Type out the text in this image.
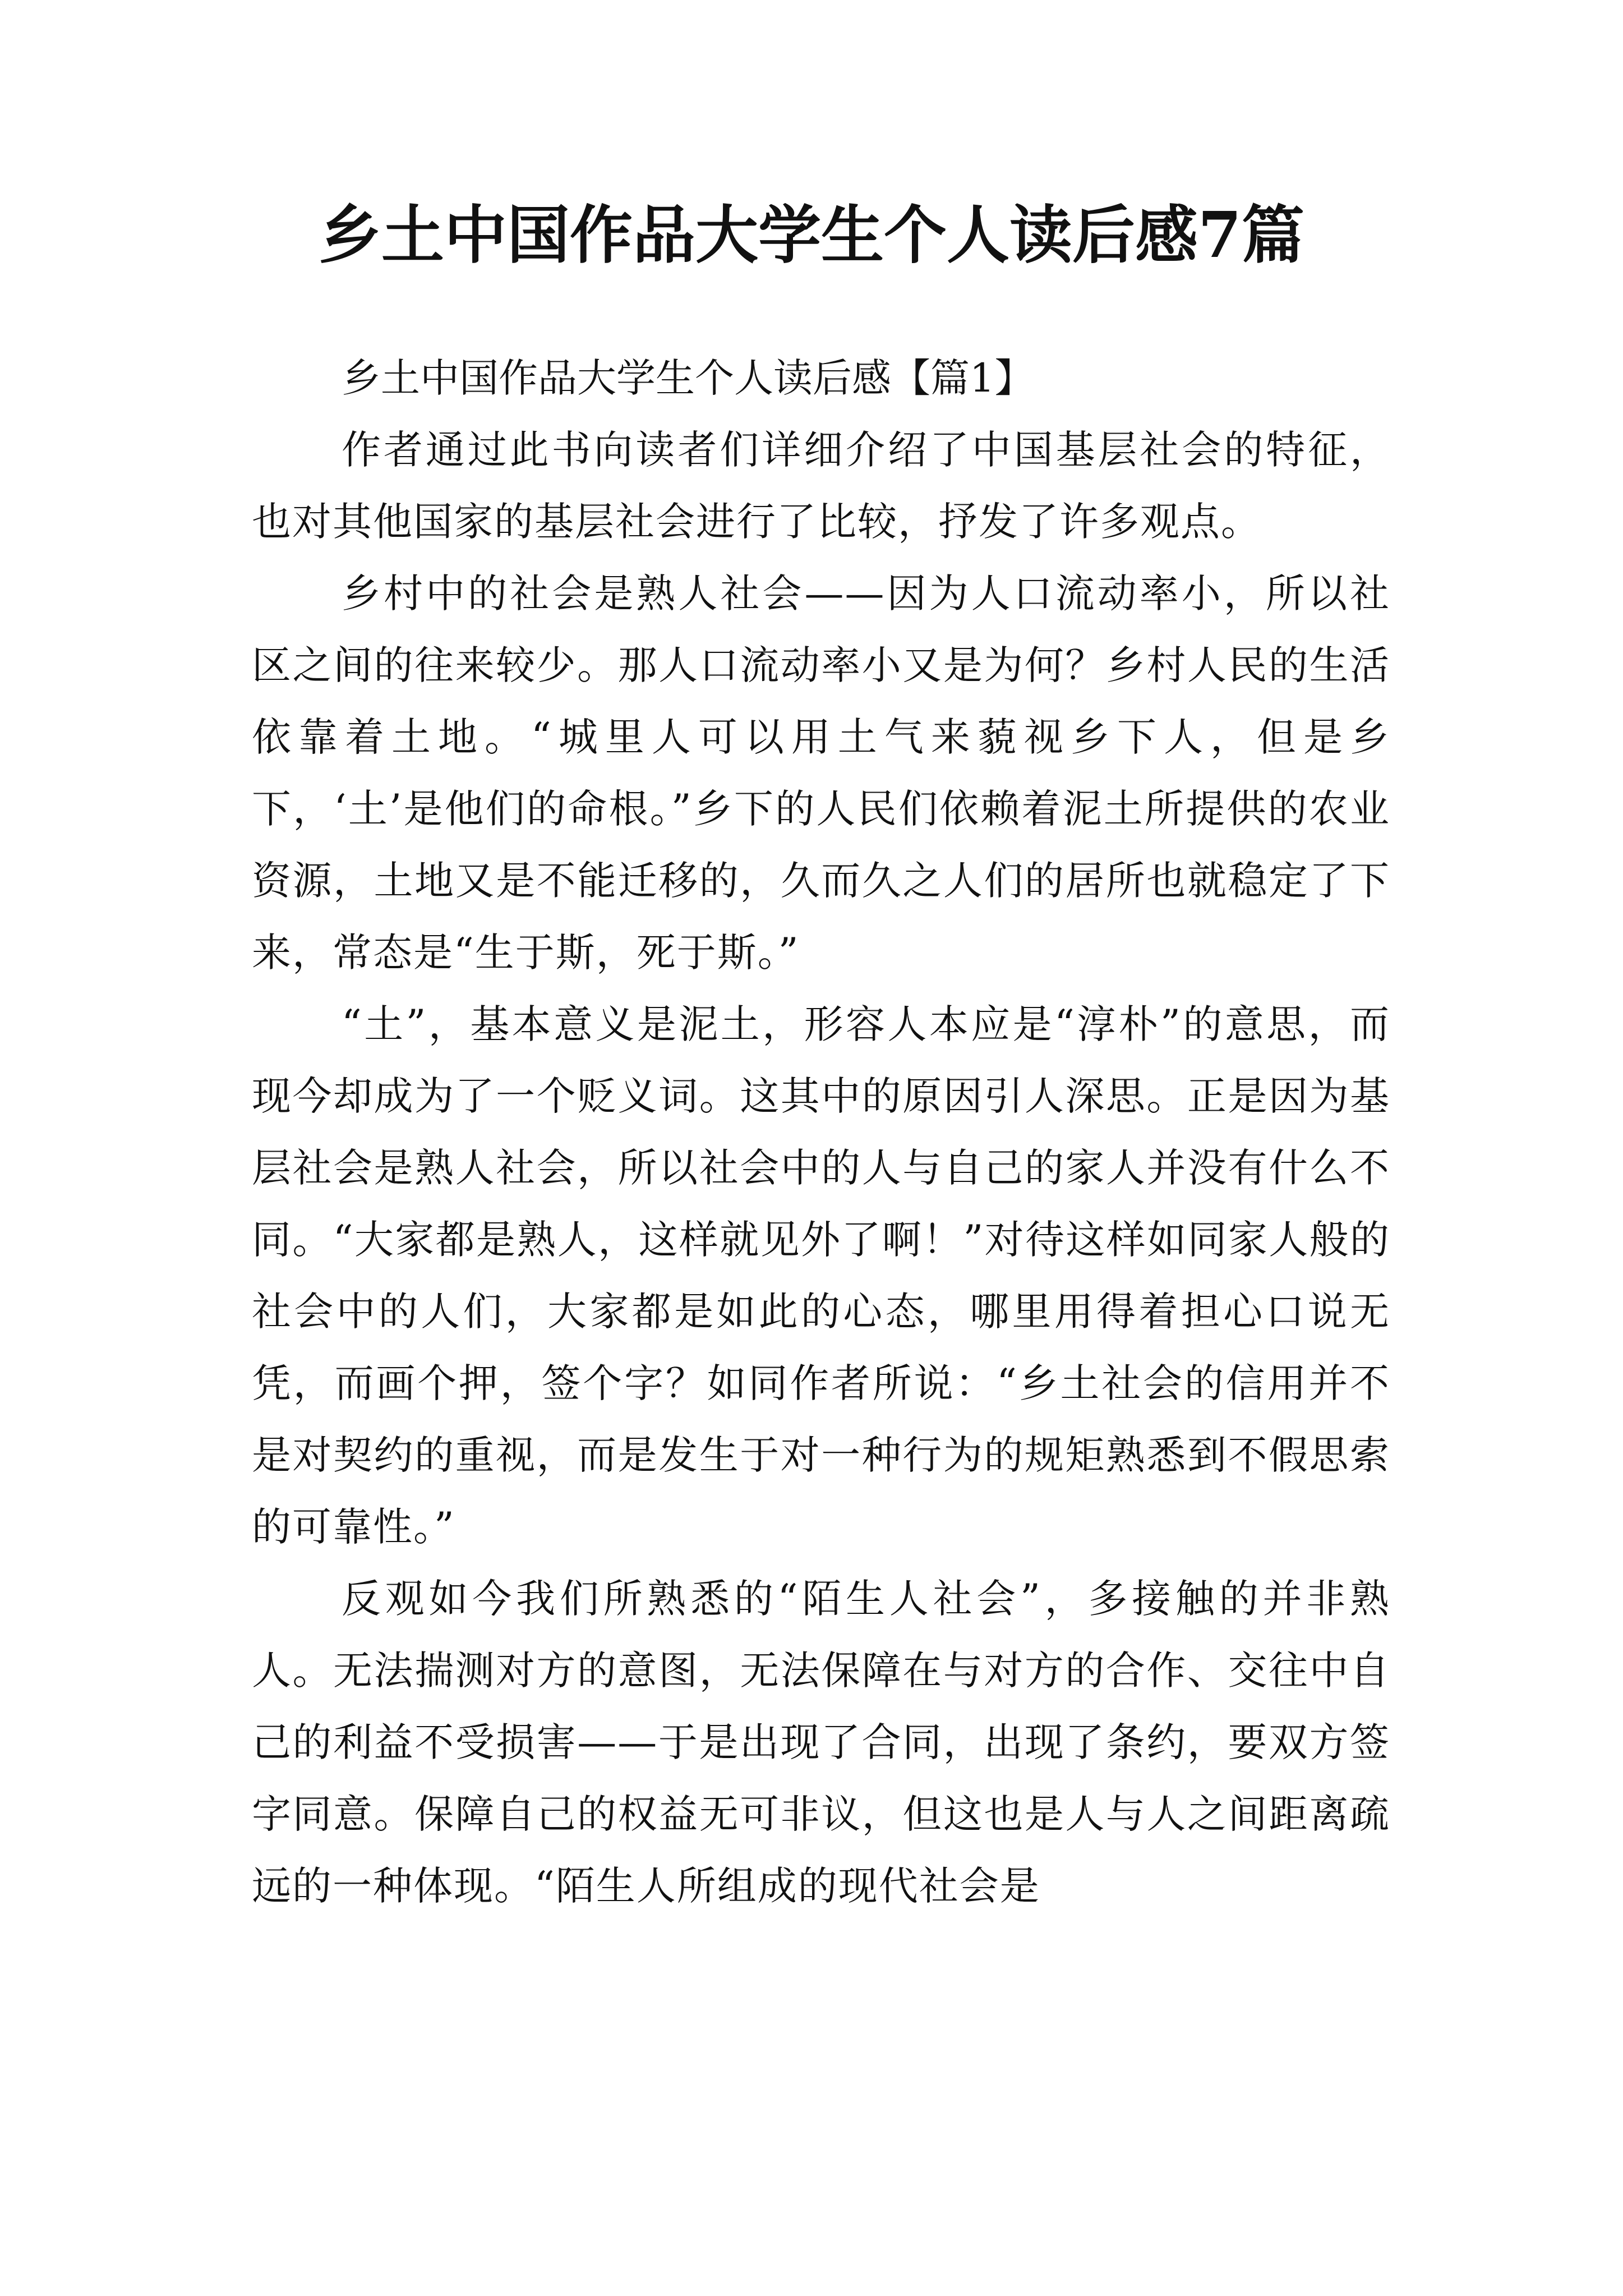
乡土中国作品大学生个人读后感7篇

乡土中国作品大学生个人读后感【篇1】

作者通过此书向读者们详细介绍了中国基层社会的特征，也对其他国家的基层社会进行了比较，抒发了许多观点。

乡村中的社会是熟人社会——因为人口流动率小，所以社区之间的往来较少。那人口流动率小又是为何？乡村人民的生活依靠着土地。“城里人可以用土气来藐视乡下人，但是乡下，‘土’是他们的命根。”乡下的人民们依赖着泥土所提供的农业资源，土地又是不能迁移的，久而久之人们的居所也就稳定了下来，常态是“生于斯，死于斯。”

“土”，基本意义是泥土，形容人本应是“淳朴”的意思，而现今却成为了一个贬义词。这其中的原因引人深思。正是因为基层社会是熟人社会，所以社会中的人与自己的家人并没有什么不同。“大家都是熟人，这样就见外了啊！”对待这样如同家人般的社会中的人们，大家都是如此的心态，哪里用得着担心口说无凭，而画个押，签个字？如同作者所说：“乡土社会的信用并不是对契约的重视，而是发生于对一种行为的规矩熟悉到不假思索的可靠性。”

反观如今我们所熟悉的“陌生人社会”，多接触的并非熟人。无法揣测对方的意图，无法保障在与对方的合作、交往中自己的利益不受损害——于是出现了合同，出现了条约，要双方签字同意。保障自己的权益无可非议，但这也是人与人之间距离疏远的一种体现。“陌生人所组成的现代社会是
